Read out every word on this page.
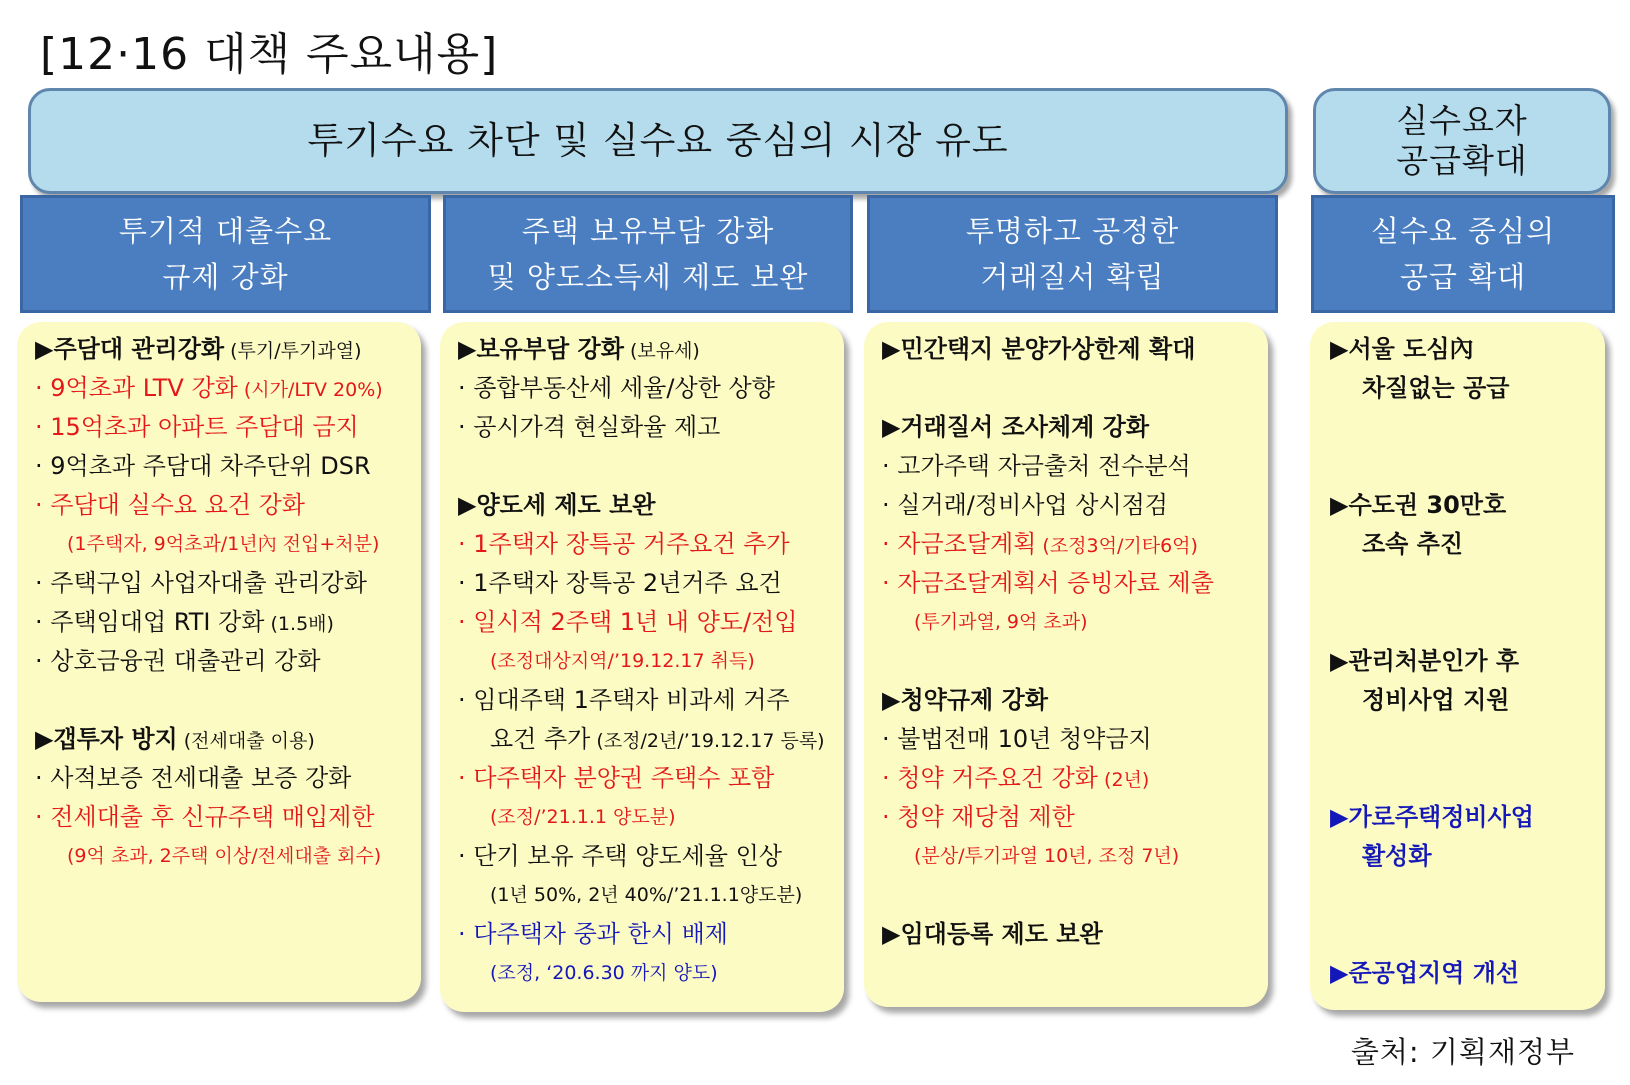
[12·16 대책 주요내용]
투기수요 차단 및 실수요 중심의 시장 유도	실수요자
공급확대
투기적 대출수요
규제 강화
주택 보유부담 강화
및 양도소득세 제도 보완
투명하고 공정한
거래질서 확립
실수요 중심의
공급 확대
▶주담대 관리강화 (투기/투기과열)
· 9억초과 LTV 강화 (시가/LTV 20%)
· 15억초과 아파트 주담대 금지
· 9억초과 주담대 차주단위 DSR
· 주담대 실수요 요건 강화
(1주택자, 9억초과/1년內 전입+처분)
· 주택구입 사업자대출 관리강화
· 주택임대업 RTI 강화 (1.5배)
· 상호금융권 대출관리 강화
▶갭투자 방지 (전세대출 이용)
· 사적보증 전세대출 보증 강화
· 전세대출 후 신규주택 매입제한
(9억 초과, 2주택 이상/전세대출 회수)
▶보유부담 강화 (보유세)
· 종합부동산세 세율/상한 상향
· 공시가격 현실화율 제고
▶양도세 제도 보완
· 1주택자 장특공 거주요건 추가
· 1주택자 장특공 2년거주 요건
· 일시적 2주택 1년 내 양도/전입
(조정대상지역/’19.12.17 취득)
· 임대주택 1주택자 비과세 거주
요건 추가 (조정/2년/’19.12.17 등록)
· 다주택자 분양권 주택수 포함
(조정/’21.1.1 양도분)
· 단기 보유 주택 양도세율 인상
(1년 50%, 2년 40%/’21.1.1양도분)
· 다주택자 중과 한시 배제
(조정, ‘20.6.30 까지 양도)
▶민간택지 분양가상한제 확대
▶거래질서 조사체계 강화
· 고가주택 자금출처 전수분석
· 실거래/정비사업 상시점검
· 자금조달계획 (조정3억/기타6억)
· 자금조달계획서 증빙자료 제출
(투기과열, 9억 초과)
▶청약규제 강화
· 불법전매 10년 청약금지
· 청약 거주요건 강화 (2년)
· 청약 재당첨 제한
(분상/투기과열 10년, 조정 7년)
▶임대등록 제도 보완
▶서울 도심內
차질없는 공급
▶수도권 30만호
조속 추진
▶관리처분인가 후
정비사업 지원
▶가로주택정비사업
활성화
▶준공업지역 개선
출처: 기획재정부
